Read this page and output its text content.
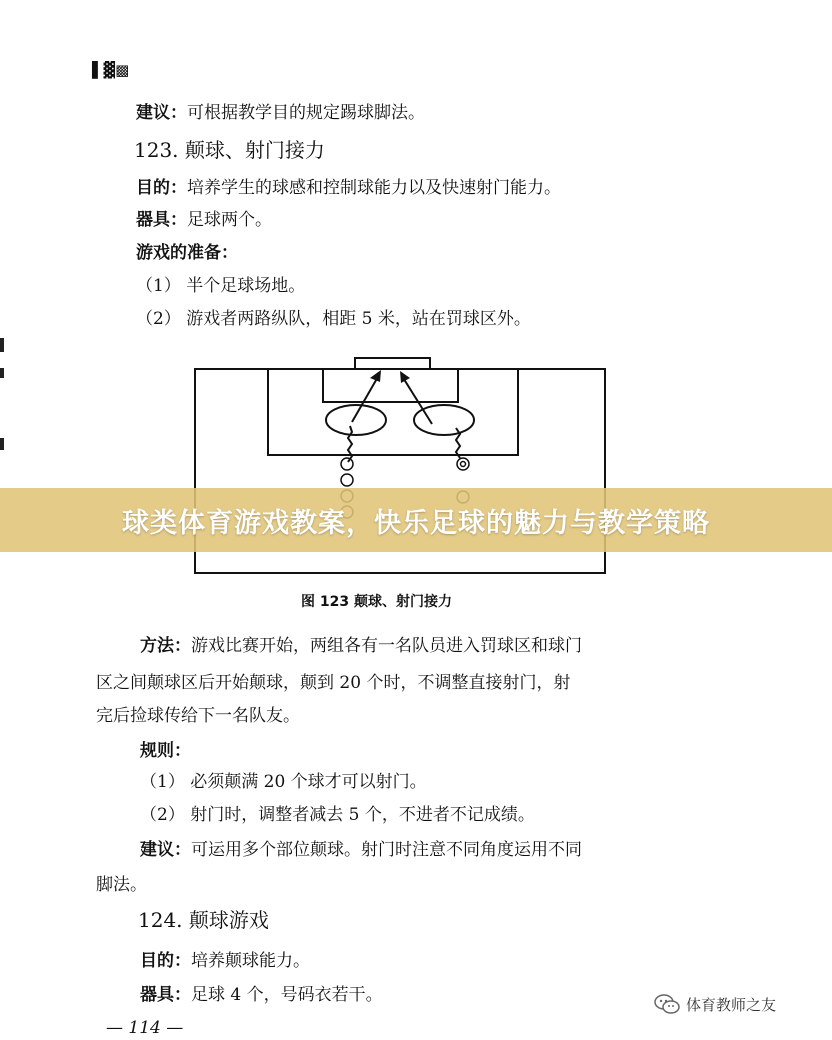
▌▓▩
建议：可根据教学目的规定踢球脚法。
123. 颠球、射门接力
目的：培养学生的球感和控制球能力以及快速射门能力。
器具：足球两个。
游戏的准备：
（1） 半个足球场地。
（2） 游戏者两路纵队，相距 5 米，站在罚球区外。
图 123 颠球、射门接力
球类体育游戏教案，快乐足球的魅力与教学策略
方法：游戏比赛开始，两组各有一名队员进入罚球区和球门
区之间颠球区后开始颠球，颠到 20 个时，不调整直接射门，射
完后捡球传给下一名队友。
规则：
（1） 必须颠满 20 个球才可以射门。
（2） 射门时，调整者减去 5 个，不进者不记成绩。
建议：可运用多个部位颠球。射门时注意不同角度运用不同
脚法。
124. 颠球游戏
目的：培养颠球能力。
器具：足球 4 个，号码衣若干。	体育教师之友
— 114 —
